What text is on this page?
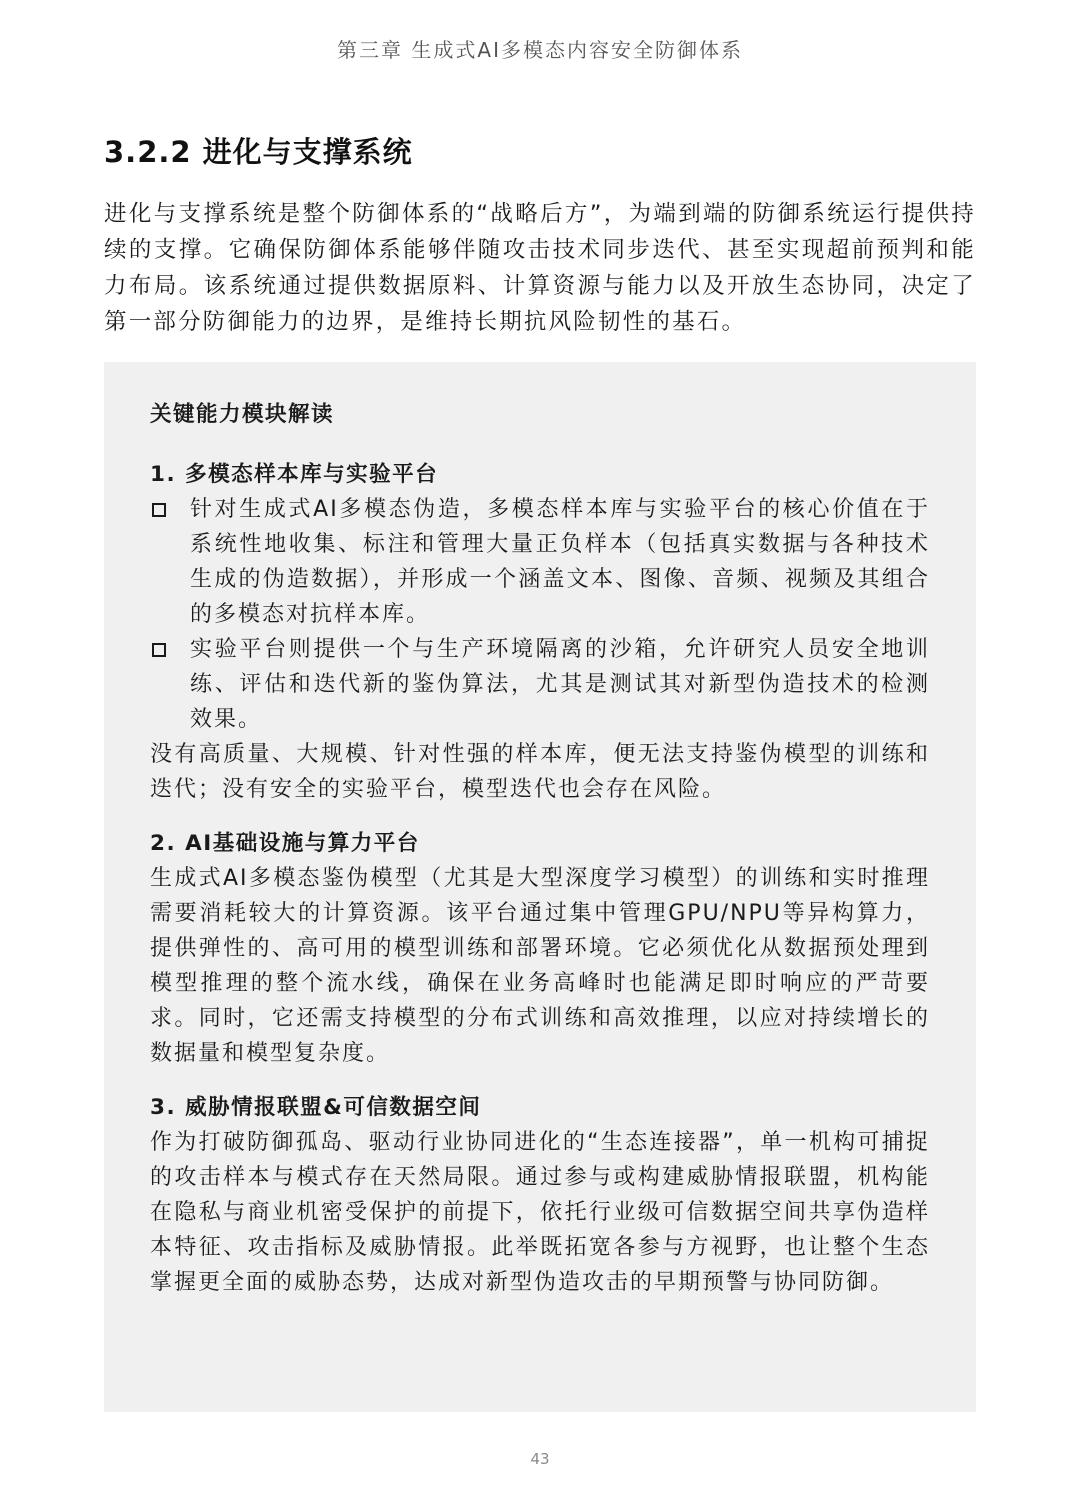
第三章 生成式AI多模态内容安全防御体系
3.2.2 进化与支撑系统

进化与支撑系统是整个防御体系的“战略后方”，为端到端的防御系统运行提供持续的支撑。它确保防御体系能够伴随攻击技术同步迭代、甚至实现超前预判和能力布局。该系统通过提供数据原料、计算资源与能力以及开放生态协同，决定了第一部分防御能力的边界，是维持长期抗风险韧性的基石。

关键能力模块解读
1. 多模态样本库与实验平台
针对生成式AI多模态伪造，多模态样本库与实验平台的核心价值在于系统性地收集、标注和管理大量正负样本（包括真实数据与各种技术生成的伪造数据），并形成一个涵盖文本、图像、音频、视频及其组合的多模态对抗样本库。
实验平台则提供一个与生产环境隔离的沙箱，允许研究人员安全地训练、评估和迭代新的鉴伪算法，尤其是测试其对新型伪造技术的检测效果。

没有高质量、大规模、针对性强的样本库，便无法支持鉴伪模型的训练和迭代；没有安全的实验平台，模型迭代也会存在风险。

2. AI基础设施与算力平台

生成式AI多模态鉴伪模型（尤其是大型深度学习模型）的训练和实时推理需要消耗较大的计算资源。该平台通过集中管理GPU/NPU等异构算力，提供弹性的、高可用的模型训练和部署环境。它必须优化从数据预处理到模型推理的整个流水线，确保在业务高峰时也能满足即时响应的严苛要求。同时，它还需支持模型的分布式训练和高效推理，以应对持续增长的数据量和模型复杂度。

3. 威胁情报联盟&可信数据空间

作为打破防御孤岛、驱动行业协同进化的“生态连接器”，单一机构可捕捉的攻击样本与模式存在天然局限。通过参与或构建威胁情报联盟，机构能在隐私与商业机密受保护的前提下，依托行业级可信数据空间共享伪造样本特征、攻击指标及威胁情报。此举既拓宽各参与方视野，也让整个生态掌握更全面的威胁态势，达成对新型伪造攻击的早期预警与协同防御。

43
